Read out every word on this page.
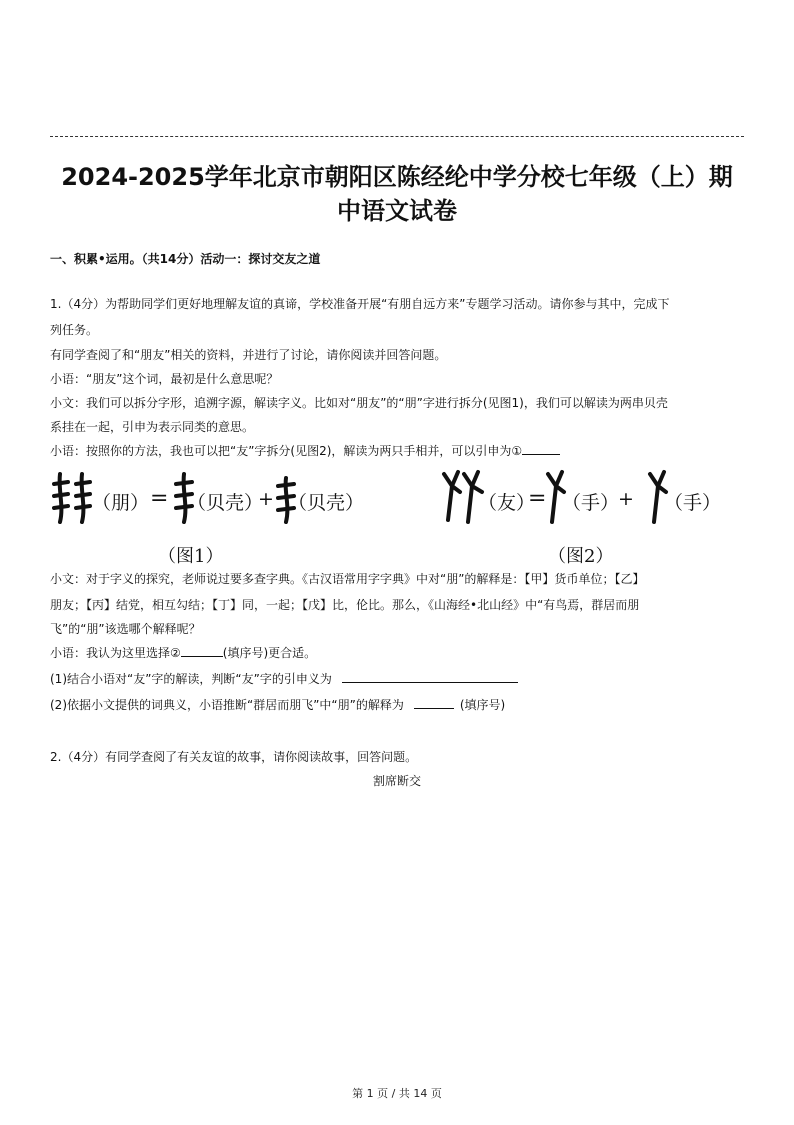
2024-2025学年北京市朝阳区陈经纶中学分校七年级（上）期
中语文试卷
一、积累•运用。（共14分）活动一：探讨交友之道
1.（4分）为帮助同学们更好地理解友谊的真谛，学校准备开展“有朋自远方来”专题学习活动。请你参与其中，完成下
列任务。
有同学查阅了和“朋友”相关的资料，并进行了讨论，请你阅读并回答问题。
小语：“朋友”这个词，最初是什么意思呢？
小文：我们可以拆分字形，追溯字源，解读字义。比如对“朋友”的“朋”字进行拆分(见图1)，我们可以解读为两串贝壳
系挂在一起，引申为表示同类的意思。
小语：按照你的方法，我也可以把“友”字拆分(见图2)，解读为两只手相并，可以引申为①
（朋） = （贝壳）
+ （贝壳）
（图1）
（友）
= （手）
+ （手）
（图2）
小文：对于字义的探究，老师说过要多查字典。《古汉语常用字字典》中对“朋”的解释是：【甲】货币单位；【乙】
朋友；【丙】结党，相互勾结；【丁】同，一起；【戊】比，伦比。那么，《山海经•北山经》中“有鸟焉，群居而朋
飞”的“朋”该选哪个解释呢？
小语：我认为这里选择②	(填序号)更合适。
(1)结合小语对“友”字的解读，判断“友”字的引申义为
(2)依据小文提供的词典义，小语推断“群居而朋飞”中“朋”的解释为	(填序号)
2.（4分）有同学查阅了有关友谊的故事，请你阅读故事，回答问题。
割席断交
第 1 页 / 共 14 页
